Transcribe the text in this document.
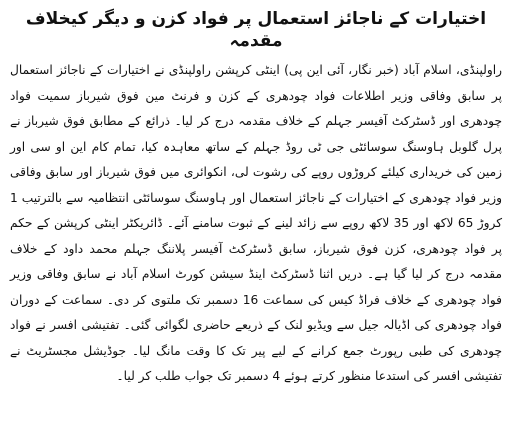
اختیارات کے ناجائز استعمال پر فواد کزن و دیگر کیخلاف مقدمہ

راولپنڈی، اسلام آباد (خبر نگار، آئی این پی) اینٹی کرپشن راولپنڈی نے اختیارات کے ناجائز استعمال پر سابق وفاقی وزیر اطلاعات فواد چودھری کے کزن و فرنٹ مین فوق شیرباز سمیت فواد چودھری اور ڈسٹرکٹ آفیسر جہلم کے خلاف مقدمہ درج کر لیا۔ ذرائع کے مطابق فوق شیرباز نے پرل گلوبل ہاوسنگ سوسائٹی جی ٹی روڈ جہلم کے ساتھ معاہدہ کیا، تمام کام این او سی اور زمین کی خریداری کیلئے کروڑوں روپے کی رشوت لی، انکوائری میں فوق شیرباز اور سابق وفاقی وزیر فواد چودھری کے اختیارات کے ناجائز استعمال اور ہاوسنگ سوسائٹی انتظامیہ سے بالترتیب 1 کروڑ 65 لاکھ اور 35 لاکھ روپے سے زائد لینے کے ثبوت سامنے آئے۔ ڈائریکٹر اینٹی کرپشن کے حکم پر فواد چودھری، کزن فوق شیرباز، سابق ڈسٹرکٹ آفیسر پلاننگ جہلم محمد داود کے خلاف مقدمہ درج کر لیا گیا ہے۔ دریں اثنا ڈسٹرکٹ اینڈ سیشن کورٹ اسلام آباد نے سابق وفاقی وزیر فواد چودھری کے خلاف فراڈ کیس کی سماعت 16 دسمبر تک ملتوی کر دی۔ سماعت کے دوران فواد چودھری کی اڈیالہ جیل سے ویڈیو لنک کے ذریعے حاضری لگوائی گئی۔ تفتیشی افسر نے فواد چودھری کی طبی رپورٹ جمع کرانے کے لیے پیر تک کا وقت مانگ لیا۔ جوڈیشل مجسٹریٹ نے تفتیشی افسر کی استدعا منظور کرتے ہوئے 4 دسمبر تک جواب طلب کر لیا۔
